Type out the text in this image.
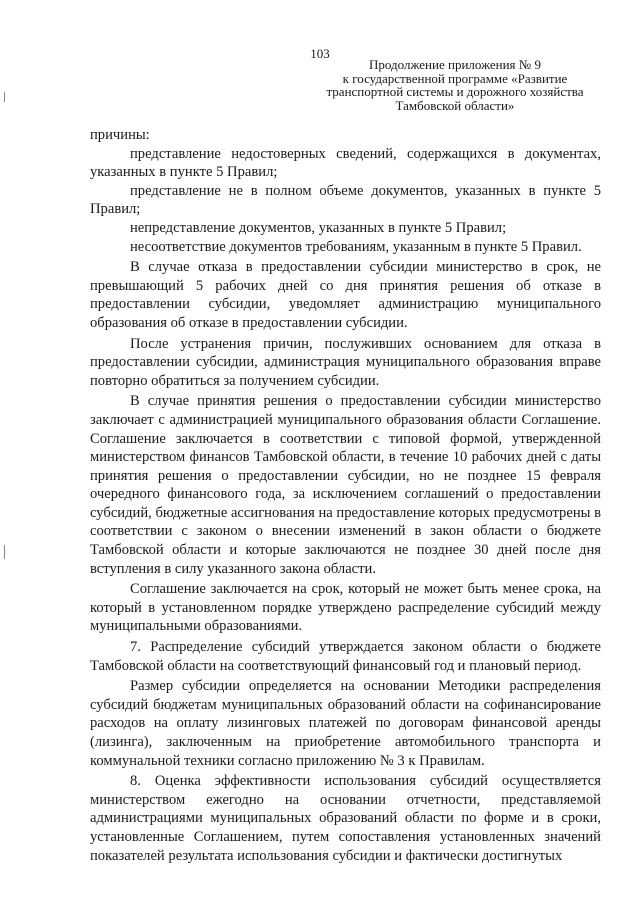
103
Продолжение приложения № 9
к государственной программе «Развитие
транспортной системы и дорожного хозяйства
Тамбовской области»

причины:

представление недостоверных сведений, содержащихся в документах, указанных в пункте 5 Правил;

представление не в полном объеме документов, указанных в пункте 5 Правил;

непредставление документов, указанных в пункте 5 Правил;

несоответствие документов требованиям, указанным в пункте 5 Правил.

В случае отказа в предоставлении субсидии министерство в срок, не превышающий 5 рабочих дней со дня принятия решения об отказе в предоставлении субсидии, уведомляет администрацию муниципального образования об отказе в предоставлении субсидии.

После устранения причин, послуживших основанием для отказа в предоставлении субсидии, администрация муниципального образования вправе повторно обратиться за получением субсидии.

В случае принятия решения о предоставлении субсидии министерство заключает с администрацией муниципального образования области Соглашение. Соглашение заключается в соответствии с типовой формой, утвержденной министерством финансов Тамбовской области, в течение 10 рабочих дней с даты принятия решения о предоставлении субсидии, но не позднее 15 февраля очередного финансового года, за исключением соглашений о предоставлении субсидий, бюджетные ассигнования на предоставление которых предусмотрены в соответствии с законом о внесении изменений в закон области о бюджете Тамбовской области и которые заключаются не позднее 30 дней после дня вступления в силу указанного закона области.

Соглашение заключается на срок, который не может быть менее срока, на который в установленном порядке утверждено распределение субсидий между муниципальными образованиями.

7. Распределение субсидий утверждается законом области о бюджете Тамбовской области на соответствующий финансовый год и плановый период.

Размер субсидии определяется на основании Методики распределения субсидий бюджетам муниципальных образований области на софинансирование расходов на оплату лизинговых платежей по договорам финансовой аренды (лизинга), заключенным на приобретение автомобильного транспорта и коммунальной техники согласно приложению № 3 к Правилам.

8. Оценка эффективности использования субсидий осуществляется министерством ежегодно на основании отчетности, представляемой администрациями муниципальных образований области по форме и в сроки, установленные Соглашением, путем сопоставления установленных значений показателей результата использования субсидии и фактически достигнутых
